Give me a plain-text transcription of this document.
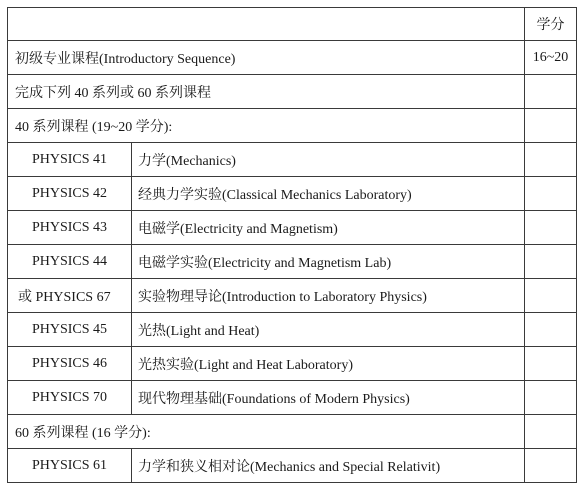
		学分
初级专业课程(Introductory Sequence)		16~20
完成下列 40 系列或 60 系列课程		
40 系列课程 (19~20 学分):		
PHYSICS 41	力学(Mechanics)	
PHYSICS 42	经典力学实验(Classical Mechanics Laboratory)	
PHYSICS 43	电磁学(Electricity and Magnetism)	
PHYSICS 44	电磁学实验(Electricity and Magnetism Lab)	
或 PHYSICS 67	实验物理导论(Introduction to Laboratory Physics)	
PHYSICS 45	光热(Light and Heat)	
PHYSICS 46	光热实验(Light and Heat Laboratory)	
PHYSICS 70	现代物理基础(Foundations of Modern Physics)	
60 系列课程 (16 学分):		
PHYSICS 61	力学和狭义相对论(Mechanics and Special Relativit)	
